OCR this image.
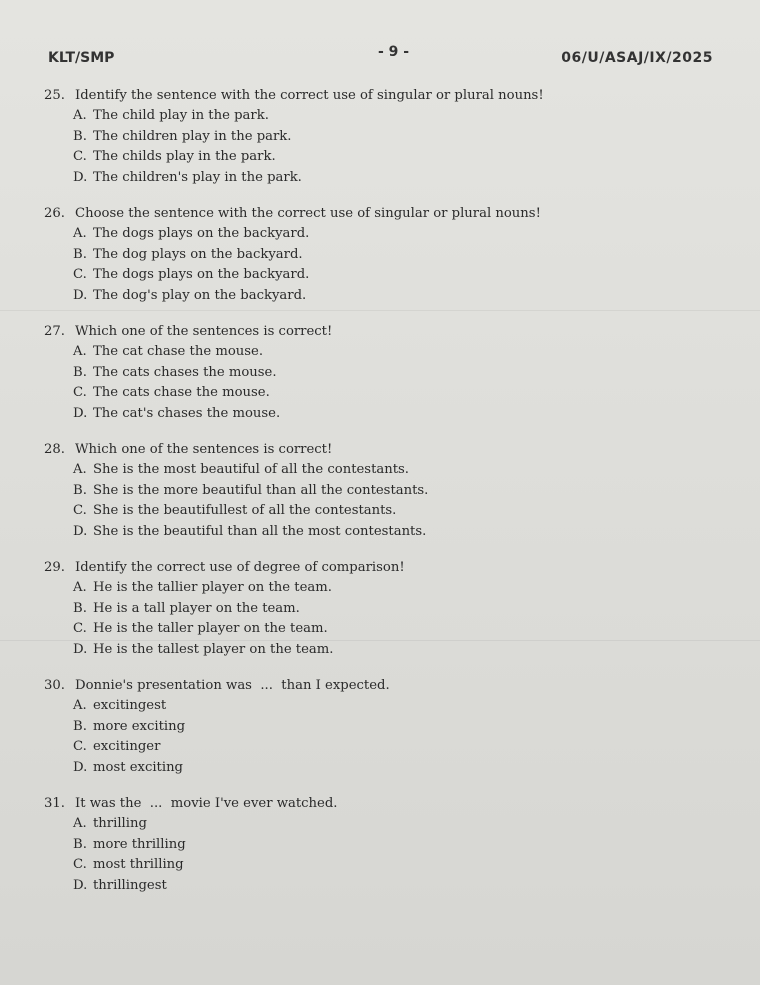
KLT/SMP	- 9 -	06/U/ASAJ/IX/2025
25. Identify the sentence with the correct use of singular or plural nouns!
A. The child play in the park.
B. The children play in the park.
C. The childs play in the park.
D. The children's play in the park.
26. Choose the sentence with the correct use of singular or plural nouns!
A. The dogs plays on the backyard.
B. The dog plays on the backyard.
C. The dogs plays on the backyard.
D. The dog's play on the backyard.
27. Which one of the sentences is correct!
A. The cat chase the mouse.
B. The cats chases the mouse.
C. The cats chase the mouse.
D. The cat's chases the mouse.
28. Which one of the sentences is correct!
A. She is the most beautiful of all the contestants.
B. She is the more beautiful than all the contestants.
C. She is the beautifullest of all the contestants.
D. She is the beautiful than all the most contestants.
29. Identify the correct use of degree of comparison!
A. He is the tallier player on the team.
B. He is a tall player on the team.
C. He is the taller player on the team.
D. He is the tallest player on the team.
30. Donnie's presentation was  ...  than I expected.
A. excitingest
B. more exciting
C. excitinger
D. most exciting
31. It was the  ...  movie I've ever watched.
A. thrilling
B. more thrilling
C. most thrilling
D. thrillingest
